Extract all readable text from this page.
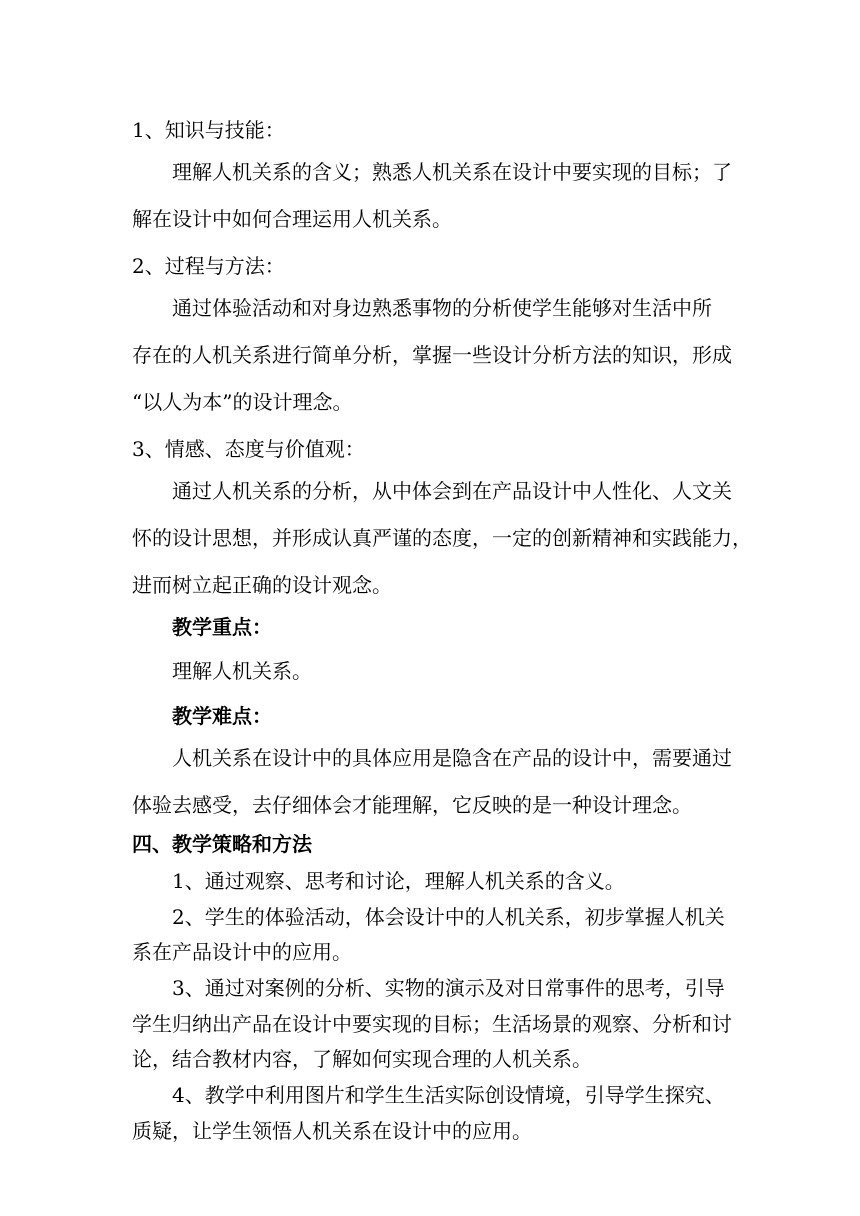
1、知识与技能：
理解人机关系的含义；熟悉人机关系在设计中要实现的目标；了
解在设计中如何合理运用人机关系。
2、过程与方法：
通过体验活动和对身边熟悉事物的分析使学生能够对生活中所
存在的人机关系进行简单分析，掌握一些设计分析方法的知识，形成
“以人为本”的设计理念。
3、情感、态度与价值观：
通过人机关系的分析，从中体会到在产品设计中人性化、人文关
怀的设计思想，并形成认真严谨的态度，一定的创新精神和实践能力，
进而树立起正确的设计观念。
教学重点：
理解人机关系。
教学难点：
人机关系在设计中的具体应用是隐含在产品的设计中，需要通过
体验去感受，去仔细体会才能理解，它反映的是一种设计理念。
四、教学策略和方法
1、通过观察、思考和讨论，理解人机关系的含义。
2、学生的体验活动，体会设计中的人机关系，初步掌握人机关
系在产品设计中的应用。
3、通过对案例的分析、实物的演示及对日常事件的思考，引导
学生归纳出产品在设计中要实现的目标；生活场景的观察、分析和讨
论，结合教材内容，了解如何实现合理的人机关系。
4、教学中利用图片和学生生活实际创设情境，引导学生探究、
质疑，让学生领悟人机关系在设计中的应用。
